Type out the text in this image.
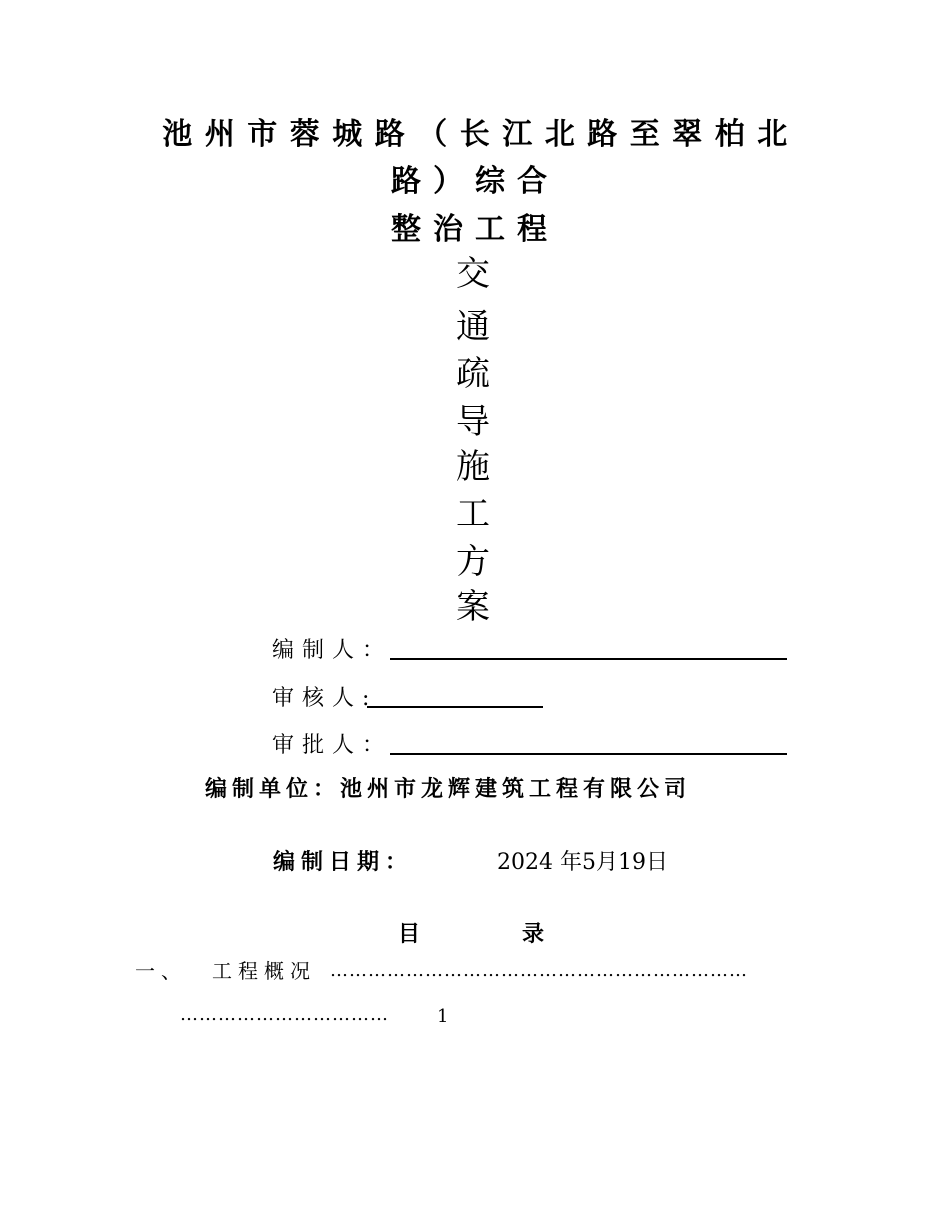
池州市蓉城路（长江北路至翠柏北
路）综合
整治工程
交
通
疏
导
施
工
方
案
编制人：
审核人:
审批人：
编制单位：池州市龙辉建筑工程有限公司
编制日期：	2024 年5月19日
目	录
一、 工程概况 …………………………………………………………
……………………………	1
